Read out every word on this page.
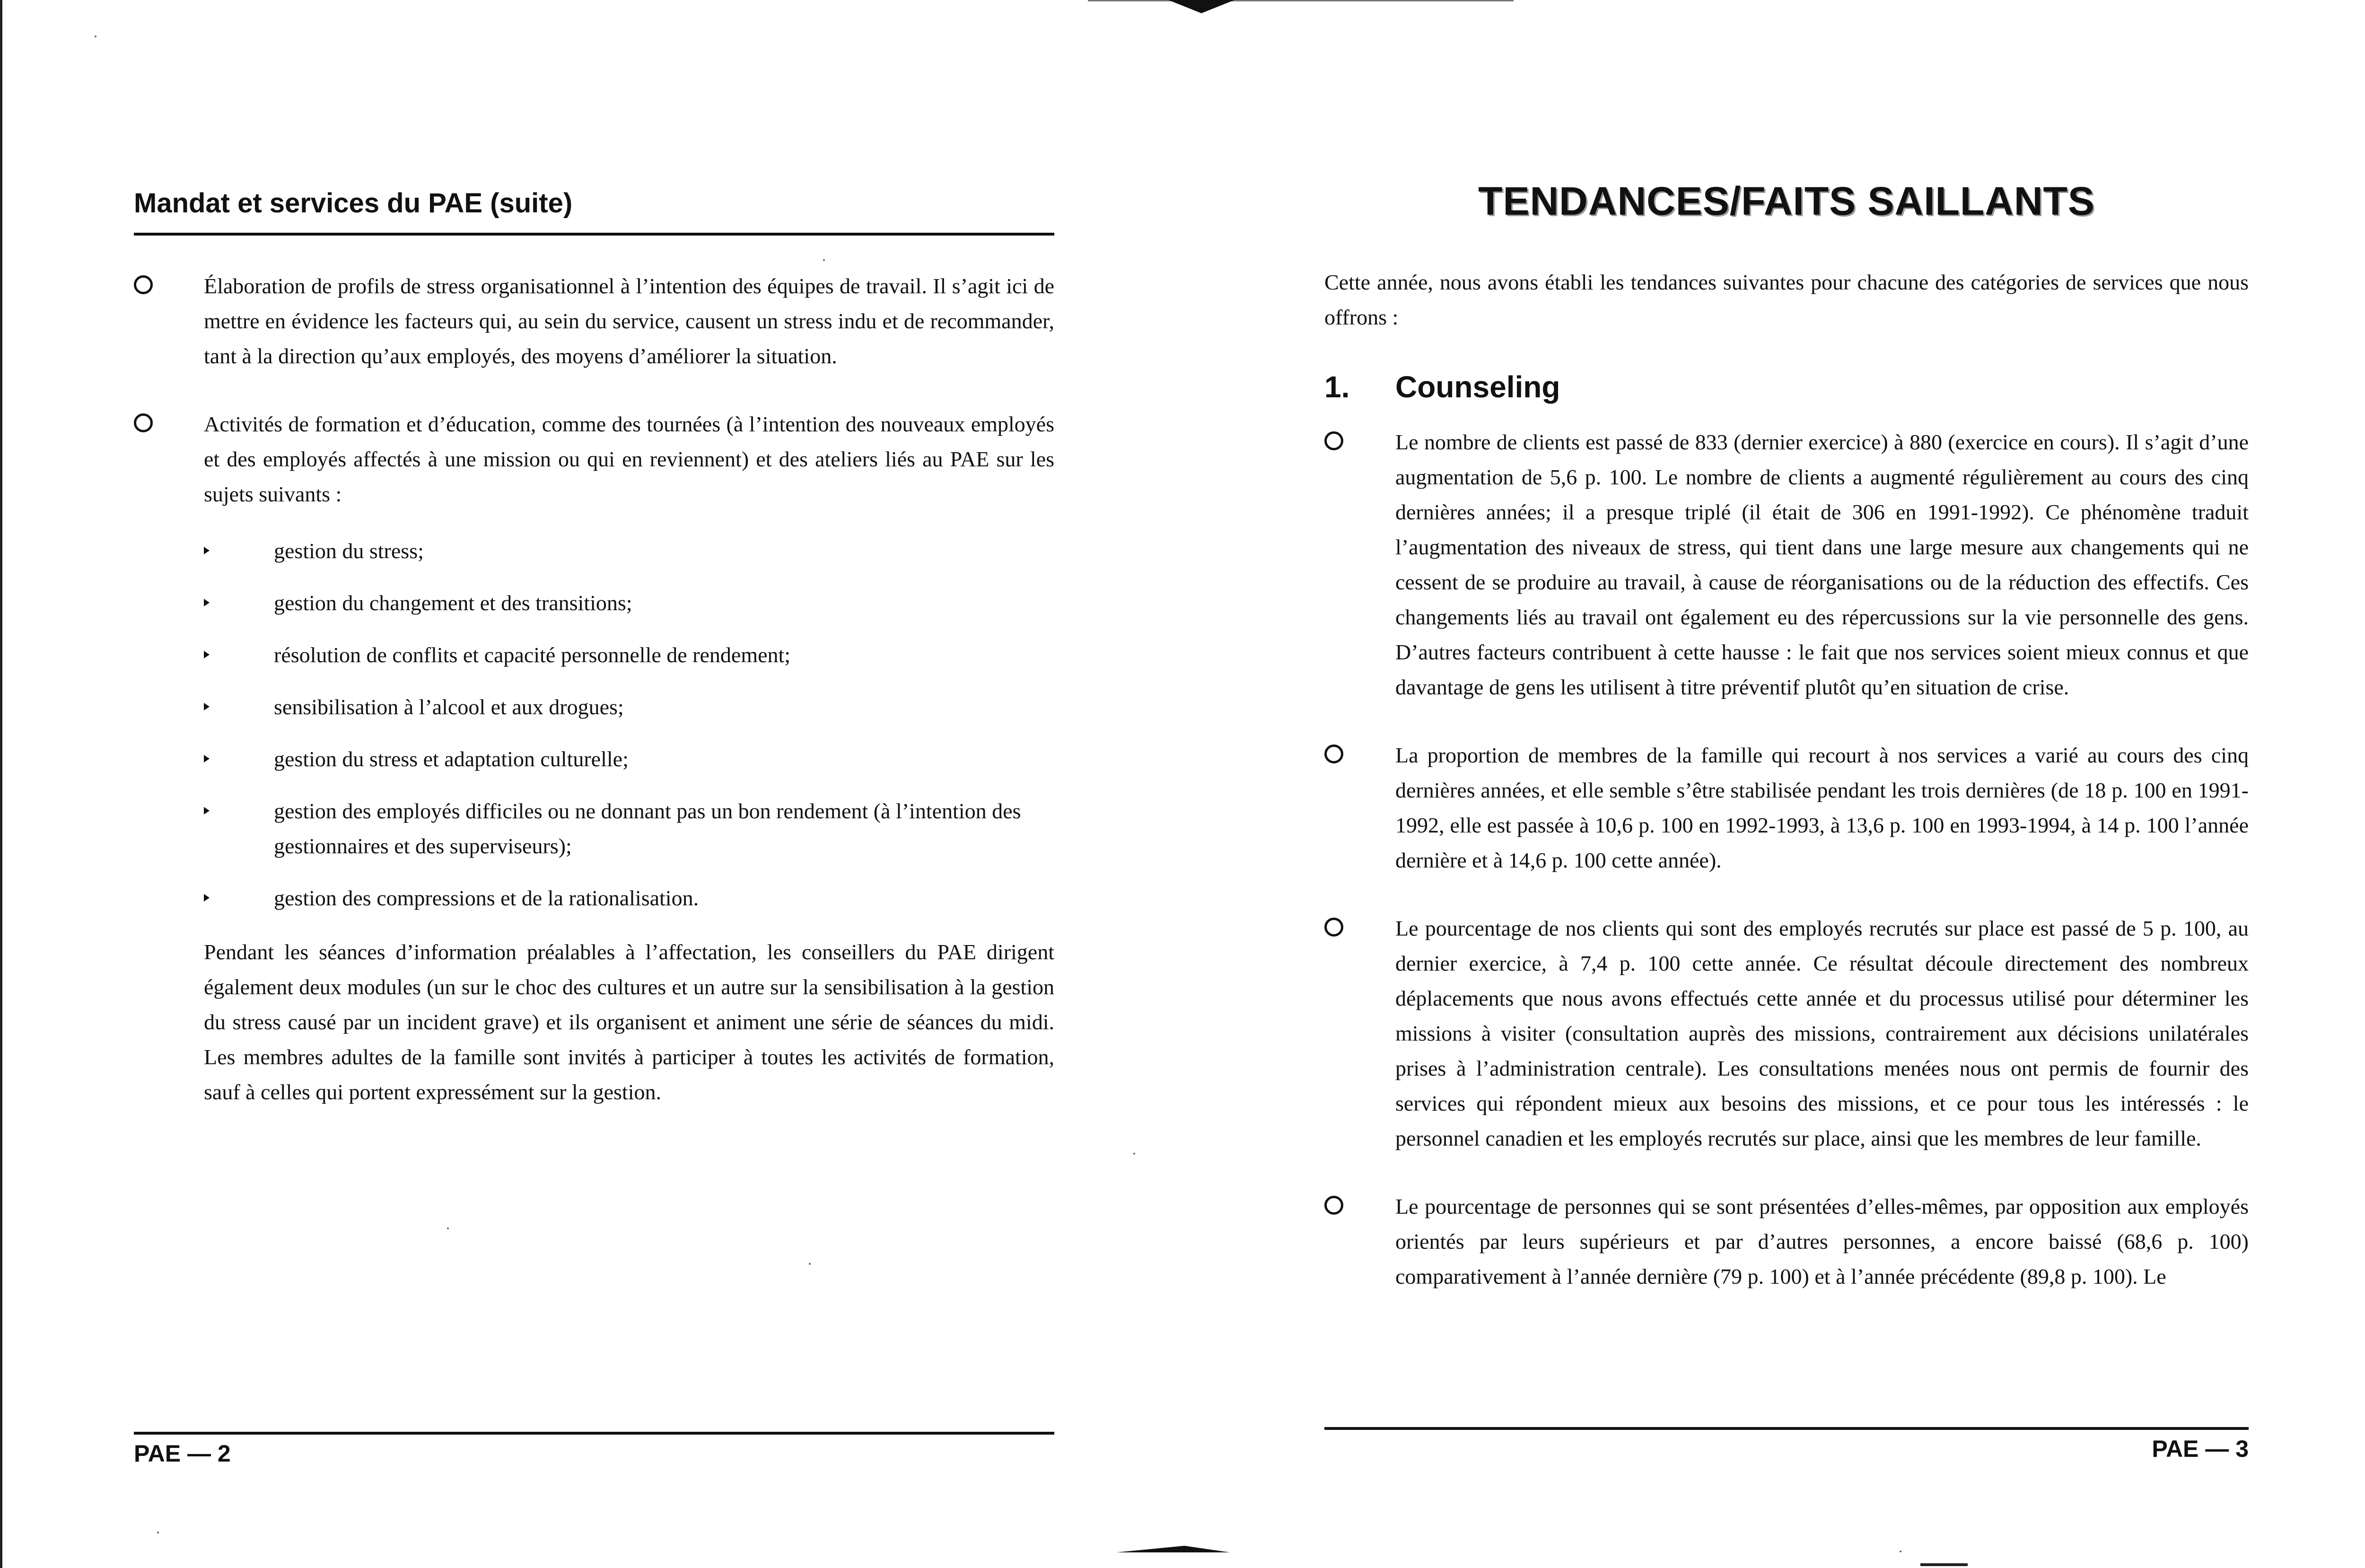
Mandat et services du PAE (suite)

Élaboration de profils de stress organisationnel à l’intention des équipes de travail. Il s’agit ici de mettre en évidence les facteurs qui, au sein du service, causent un stress indu et de recommander, tant à la direction qu’aux employés, des moyens d’améliorer la situation.

Activités de formation et d’éducation, comme des tournées (à l’intention des nouveaux employés et des employés affectés à une mission ou qui en reviennent) et des ateliers liés au PAE sur les sujets suivants :

gestion du stress;
gestion du changement et des transitions;
résolution de conflits et capacité personnelle de rendement;
sensibilisation à l’alcool et aux drogues;
gestion du stress et adaptation culturelle;
gestion des employés difficiles ou ne donnant pas un bon rendement (à l’intention des gestionnaires et des superviseurs);
gestion des compressions et de la rationalisation.

Pendant les séances d’information préalables à l’affectation, les conseillers du PAE dirigent également deux modules (un sur le choc des cultures et un autre sur la sensibilisation à la gestion du stress causé par un incident grave) et ils organisent et animent une série de séances du midi. Les membres adultes de la famille sont invités à participer à toutes les activités de formation, sauf à celles qui portent expressément sur la gestion.

PAE — 2

TENDANCES/FAITS SAILLANTS

Cette année, nous avons établi les tendances suivantes pour chacune des catégories de services que nous offrons :

1.	Counseling

Le nombre de clients est passé de 833 (dernier exercice) à 880 (exercice en cours). Il s’agit d’une augmentation de 5,6 p. 100. Le nombre de clients a augmenté régulièrement au cours des cinq dernières années; il a presque triplé (il était de 306 en 1991-1992). Ce phénomène traduit l’augmentation des niveaux de stress, qui tient dans une large mesure aux changements qui ne cessent de se produire au travail, à cause de réorganisations ou de la réduction des effectifs. Ces changements liés au travail ont également eu des répercussions sur la vie personnelle des gens. D’autres facteurs contribuent à cette hausse : le fait que nos services soient mieux connus et que davantage de gens les utilisent à titre préventif plutôt qu’en situation de crise.

La proportion de membres de la famille qui recourt à nos services a varié au cours des cinq dernières années, et elle semble s’être stabilisée pendant les trois dernières (de 18 p. 100 en 1991-1992, elle est passée à 10,6 p. 100 en 1992-1993, à 13,6 p. 100 en 1993-1994, à 14 p. 100 l’année dernière et à 14,6 p. 100 cette année).

Le pourcentage de nos clients qui sont des employés recrutés sur place est passé de 5 p. 100, au dernier exercice, à 7,4 p. 100 cette année. Ce résultat découle directement des nombreux déplacements que nous avons effectués cette année et du processus utilisé pour déterminer les missions à visiter (consultation auprès des missions, contrairement aux décisions unilatérales prises à l’administration centrale). Les consultations menées nous ont permis de fournir des services qui répondent mieux aux besoins des missions, et ce pour tous les intéressés : le personnel canadien et les employés recrutés sur place, ainsi que les membres de leur famille.

Le pourcentage de personnes qui se sont présentées d’elles-mêmes, par opposition aux employés orientés par leurs supérieurs et par d’autres personnes, a encore baissé (68,6 p. 100) comparativement à l’année dernière (79 p. 100) et à l’année précédente (89,8 p. 100). Le

PAE — 3
